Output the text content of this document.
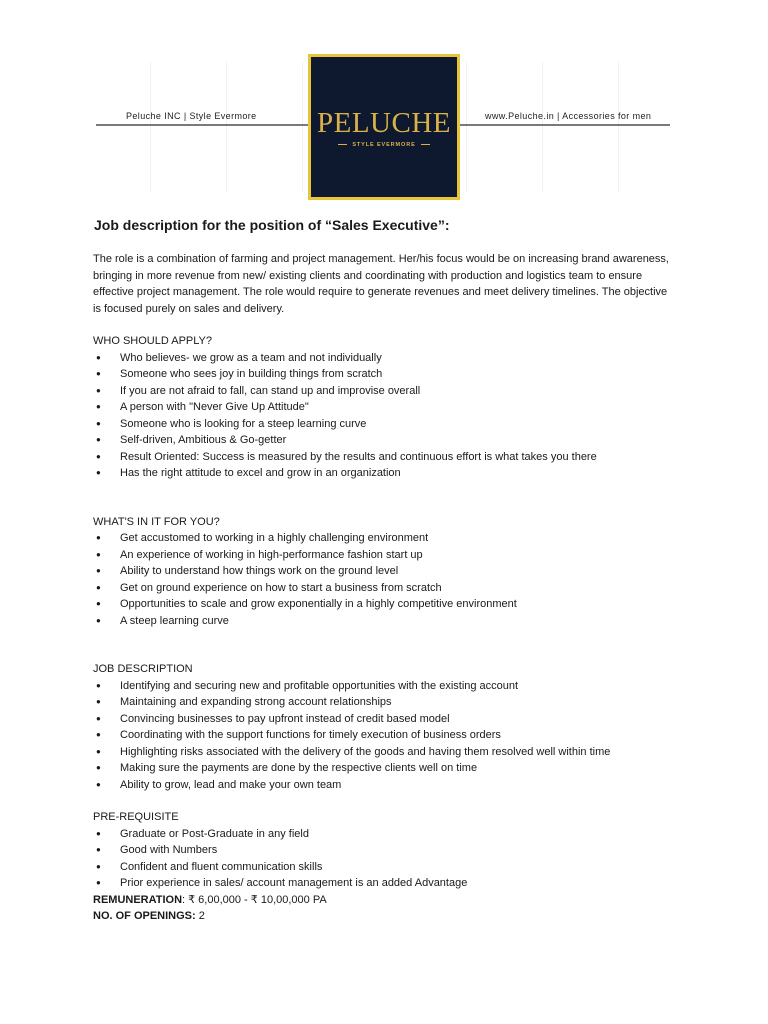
Peluche INC | Style Evermore	www.Peluche.in | Accessories for men
PELUCHE
STYLE EVERMORE
Job description for the position of “Sales Executive”:

The role is a combination of farming and project management. Her/his focus would be on increasing brand awareness, bringing in more revenue from new/ existing clients and coordinating with production and logistics team to ensure effective project management. The role would require to generate revenues and meet delivery timelines. The objective is focused purely on sales and delivery.

WHO SHOULD APPLY?

● Who believes- we grow as a team and not individually
● Someone who sees joy in building things from scratch
● If you are not afraid to fall, can stand up and improvise overall
● A person with "Never Give Up Attitude"
● Someone who is looking for a steep learning curve
● Self-driven, Ambitious & Go-getter
● Result Oriented: Success is measured by the results and continuous effort is what takes you there
● Has the right attitude to excel and grow in an organization

WHAT'S IN IT FOR YOU?

● Get accustomed to working in a highly challenging environment
● An experience of working in high-performance fashion start up
● Ability to understand how things work on the ground level
● Get on ground experience on how to start a business from scratch
● Opportunities to scale and grow exponentially in a highly competitive environment
● A steep learning curve

JOB DESCRIPTION

● Identifying and securing new and profitable opportunities with the existing account
● Maintaining and expanding strong account relationships
● Convincing businesses to pay upfront instead of credit based model
● Coordinating with the support functions for timely execution of business orders
● Highlighting risks associated with the delivery of the goods and having them resolved well within time
● Making sure the payments are done by the respective clients well on time
● Ability to grow, lead and make your own team

PRE-REQUISITE

● Graduate or Post-Graduate in any field
● Good with Numbers
● Confident and fluent communication skills
● Prior experience in sales/ account management is an added Advantage

REMUNERATION: ₹ 6,00,000 - ₹ 10,00,000 PA

NO. OF OPENINGS: 2
